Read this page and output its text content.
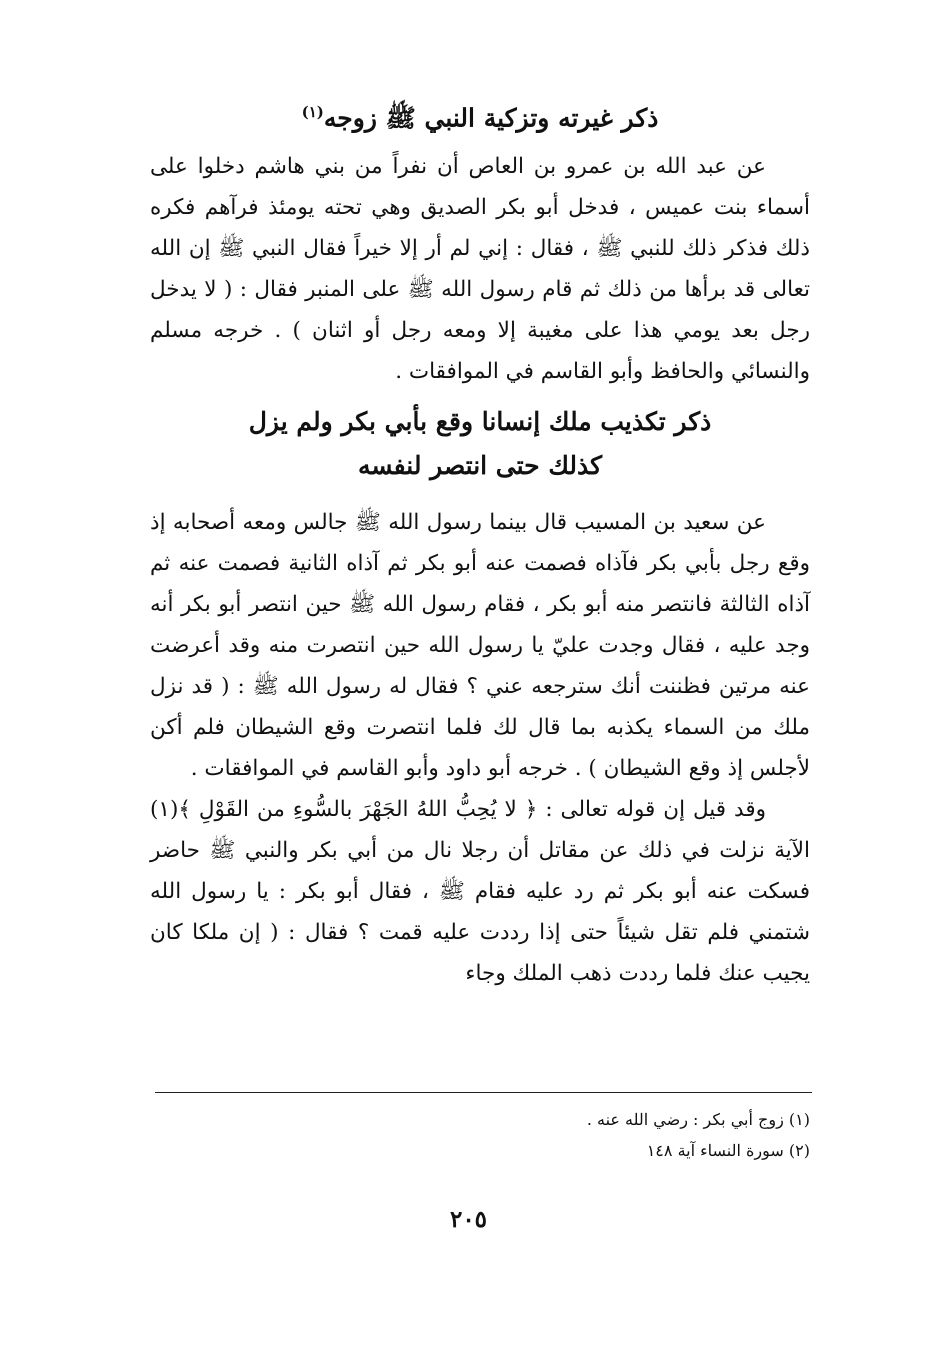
ذكر غيرته وتزكية النبي ﷺ زوجه$^{(١)}$

عن عبد الله بن عمرو بن العاص أن نفراً من بني هاشم دخلوا على أسماء بنت عميس ، فدخل أبو بكر الصديق وهي تحته يومئذ فرآهم فكره ذلك فذكر ذلك للنبي ﷺ ، فقال : إني لم أر إلا خيراً فقال النبي ﷺ إن الله تعالى قد برأها من ذلك ثم قام رسول الله ﷺ على المنبر فقال : ( لا يدخل رجل بعد يومي هذا على مغيبة إلا ومعه رجل أو اثنان ) . خرجه مسلم والنسائي والحافظ وأبو القاسم في الموافقات .

ذكر تكذيب ملك إنسانا وقع بأبي بكر ولم يزل
كذلك حتى انتصر لنفسه

عن سعيد بن المسيب قال بينما رسول الله ﷺ جالس ومعه أصحابه إذ وقع رجل بأبي بكر فآذاه فصمت عنه أبو بكر ثم آذاه الثانية فصمت عنه ثم آذاه الثالثة فانتصر منه أبو بكر ، فقام رسول الله ﷺ حين انتصر أبو بكر أنه وجد عليه ، فقال وجدت عليّ يا رسول الله حين انتصرت منه وقد أعرضت عنه مرتين فظننت أنك سترجعه عني ؟ فقال له رسول الله ﷺ : ( قد نزل ملك من السماء يكذبه بما قال لك فلما انتصرت وقع الشيطان فلم أكن لأجلس إذ وقع الشيطان ) . خرجه أبو داود وأبو القاسم في الموافقات .

وقد قيل إن قوله تعالى : ﴿ لا يُحِبُّ اللهُ الجَهْرَ بالسُّوءِ من القَوْلِ ﴾(١) الآية نزلت في ذلك عن مقاتل أن رجلا نال من أبي بكر والنبي ﷺ حاضر فسكت عنه أبو بكر ثم رد عليه فقام ﷺ ، فقال أبو بكر : يا رسول الله شتمني فلم تقل شيئاً حتى إذا رددت عليه قمت ؟ فقال : ( إن ملكا كان يجيب عنك فلما رددت ذهب الملك وجاء

(١) زوج أبي بكر : رضي الله عنه .

(٢) سورة النساء آية ١٤٨

٢٠٥
